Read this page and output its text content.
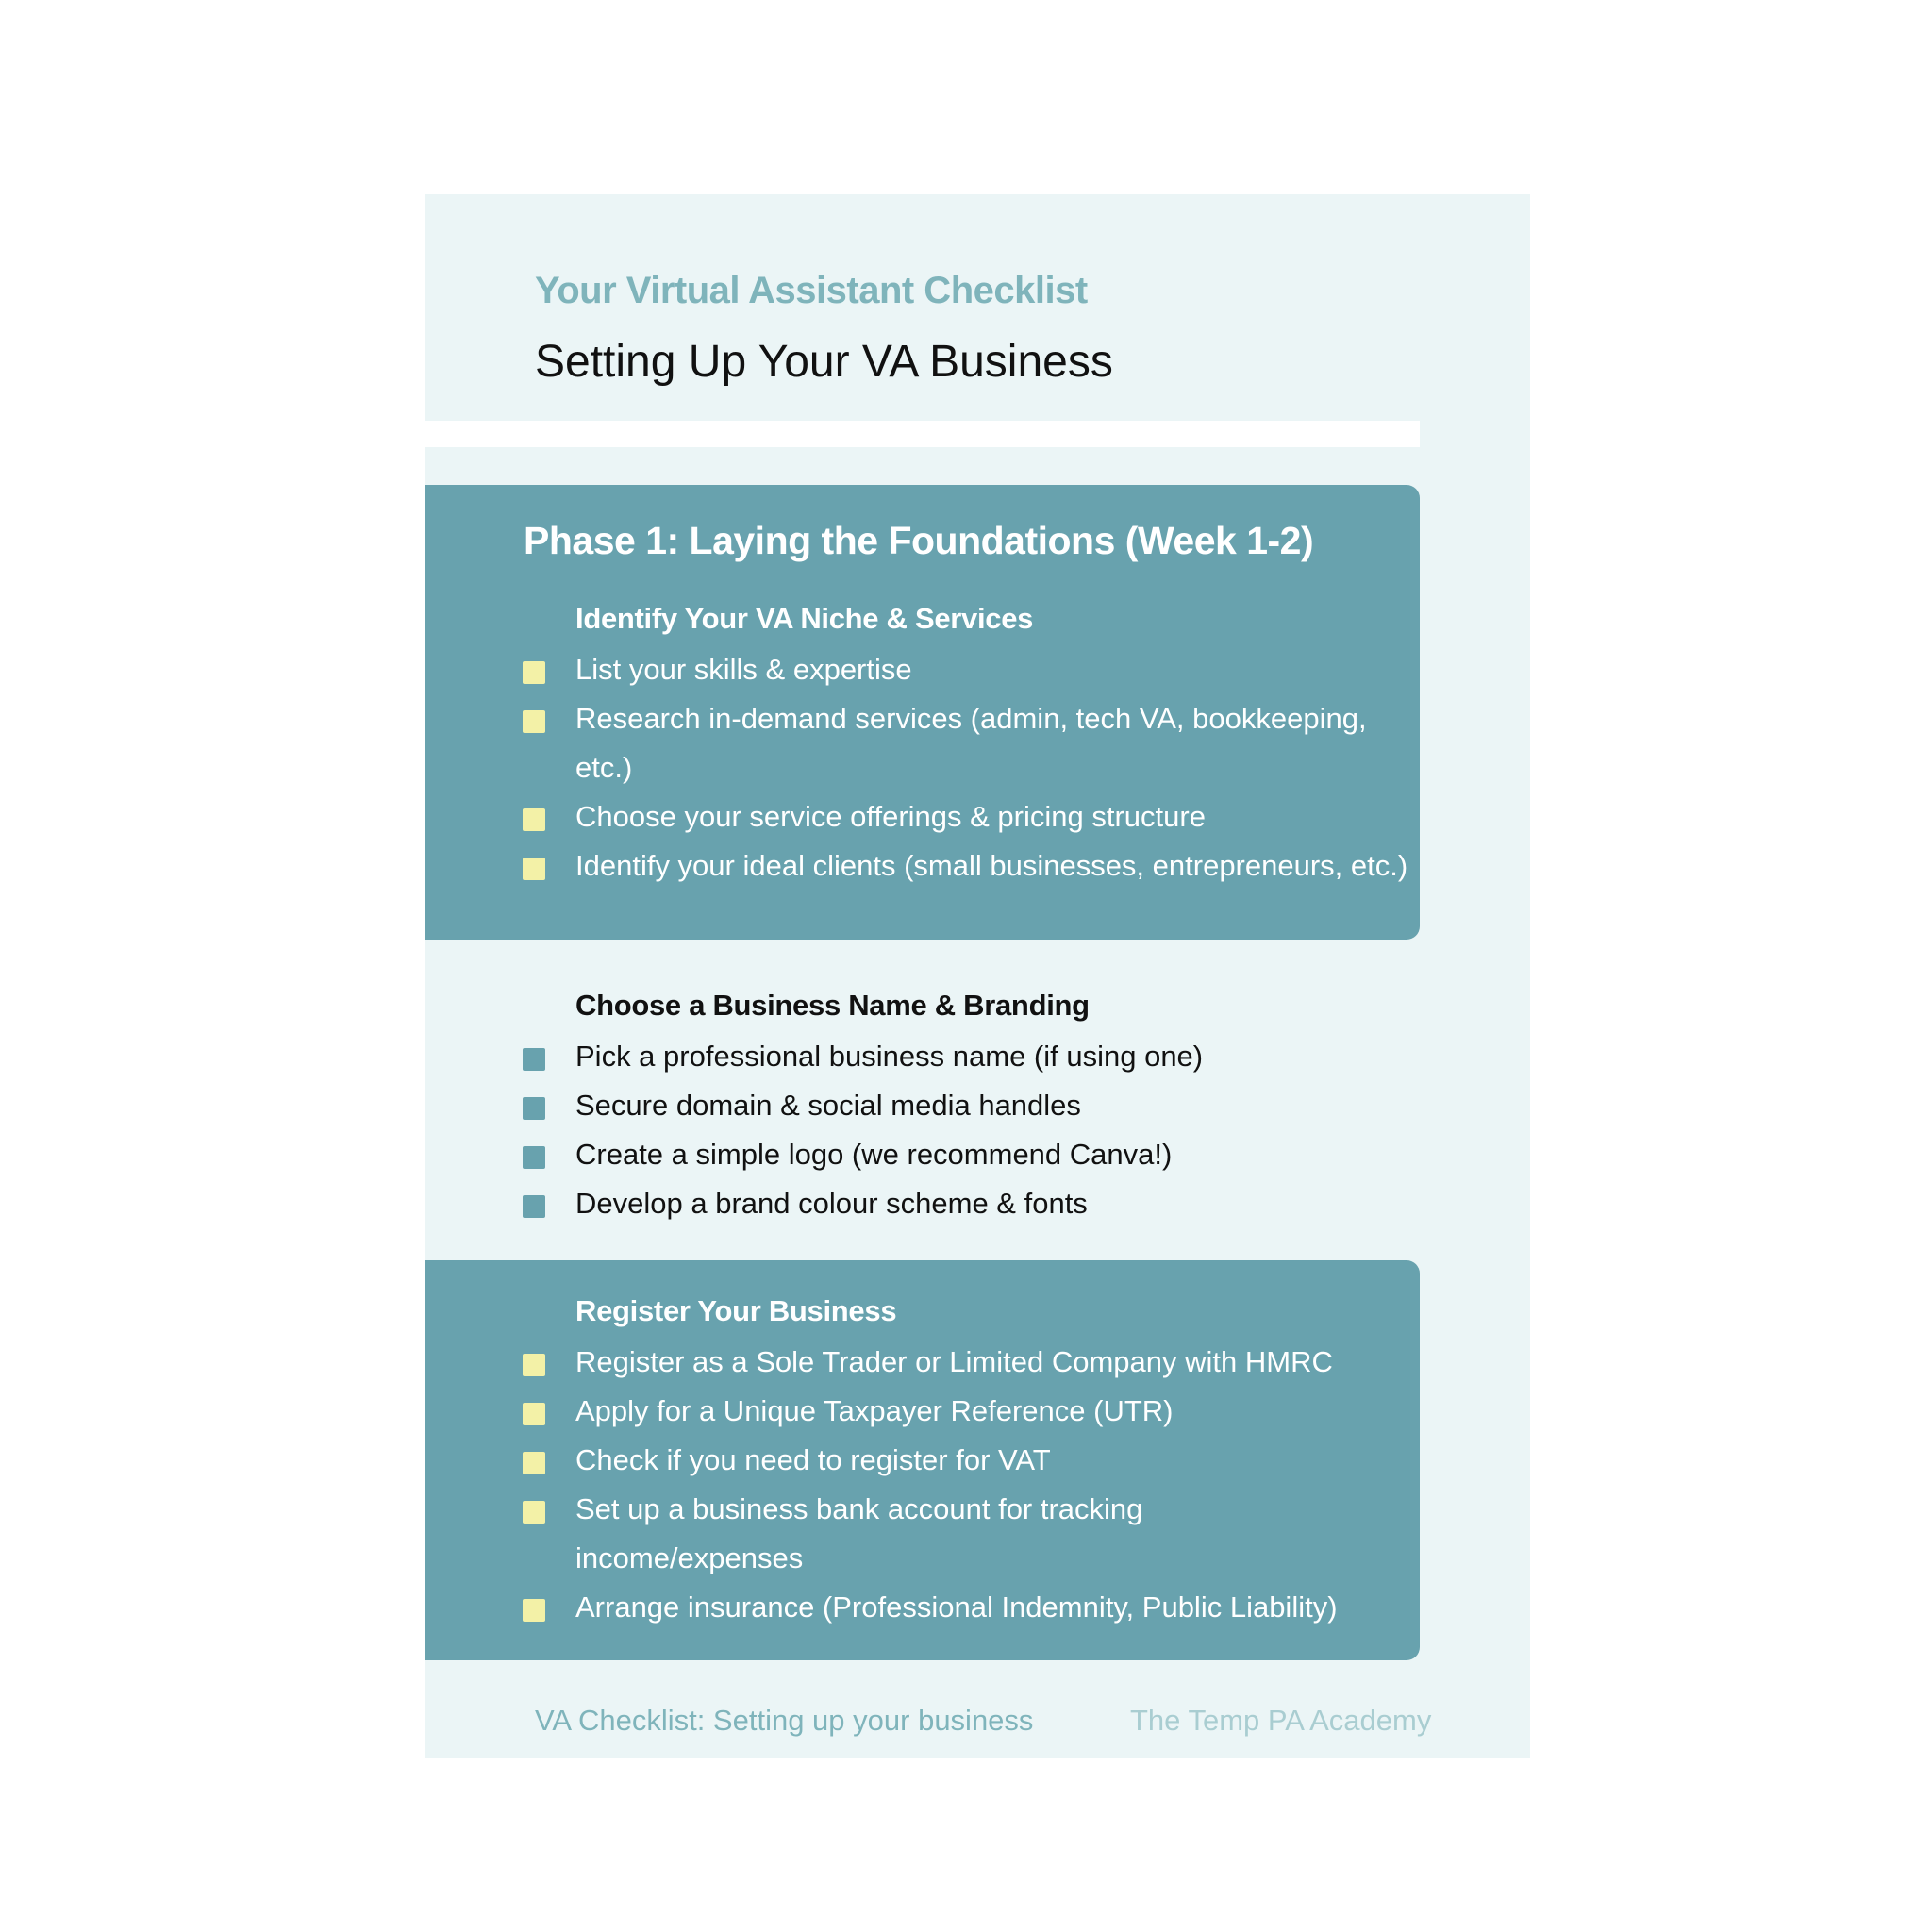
Your Virtual Assistant Checklist
Setting Up Your VA Business
Phase 1: Laying the Foundations (Week 1-2)
Identify Your VA Niche & Services
List your skills & expertise
Research in-demand services (admin, tech VA, bookkeeping, etc.)
Choose your service offerings & pricing structure
Identify your ideal clients (small businesses, entrepreneurs, etc.)
Choose a Business Name & Branding
Pick a professional business name (if using one)
Secure domain & social media handles
Create a simple logo (we recommend Canva!)
Develop a brand colour scheme & fonts
Register Your Business
Register as a Sole Trader or Limited Company with HMRC
Apply for a Unique Taxpayer Reference (UTR)
Check if you need to register for VAT
Set up a business bank account for tracking income/expenses
Arrange insurance (Professional Indemnity, Public Liability)
VA Checklist: Setting up your business	The Temp PA Academy
